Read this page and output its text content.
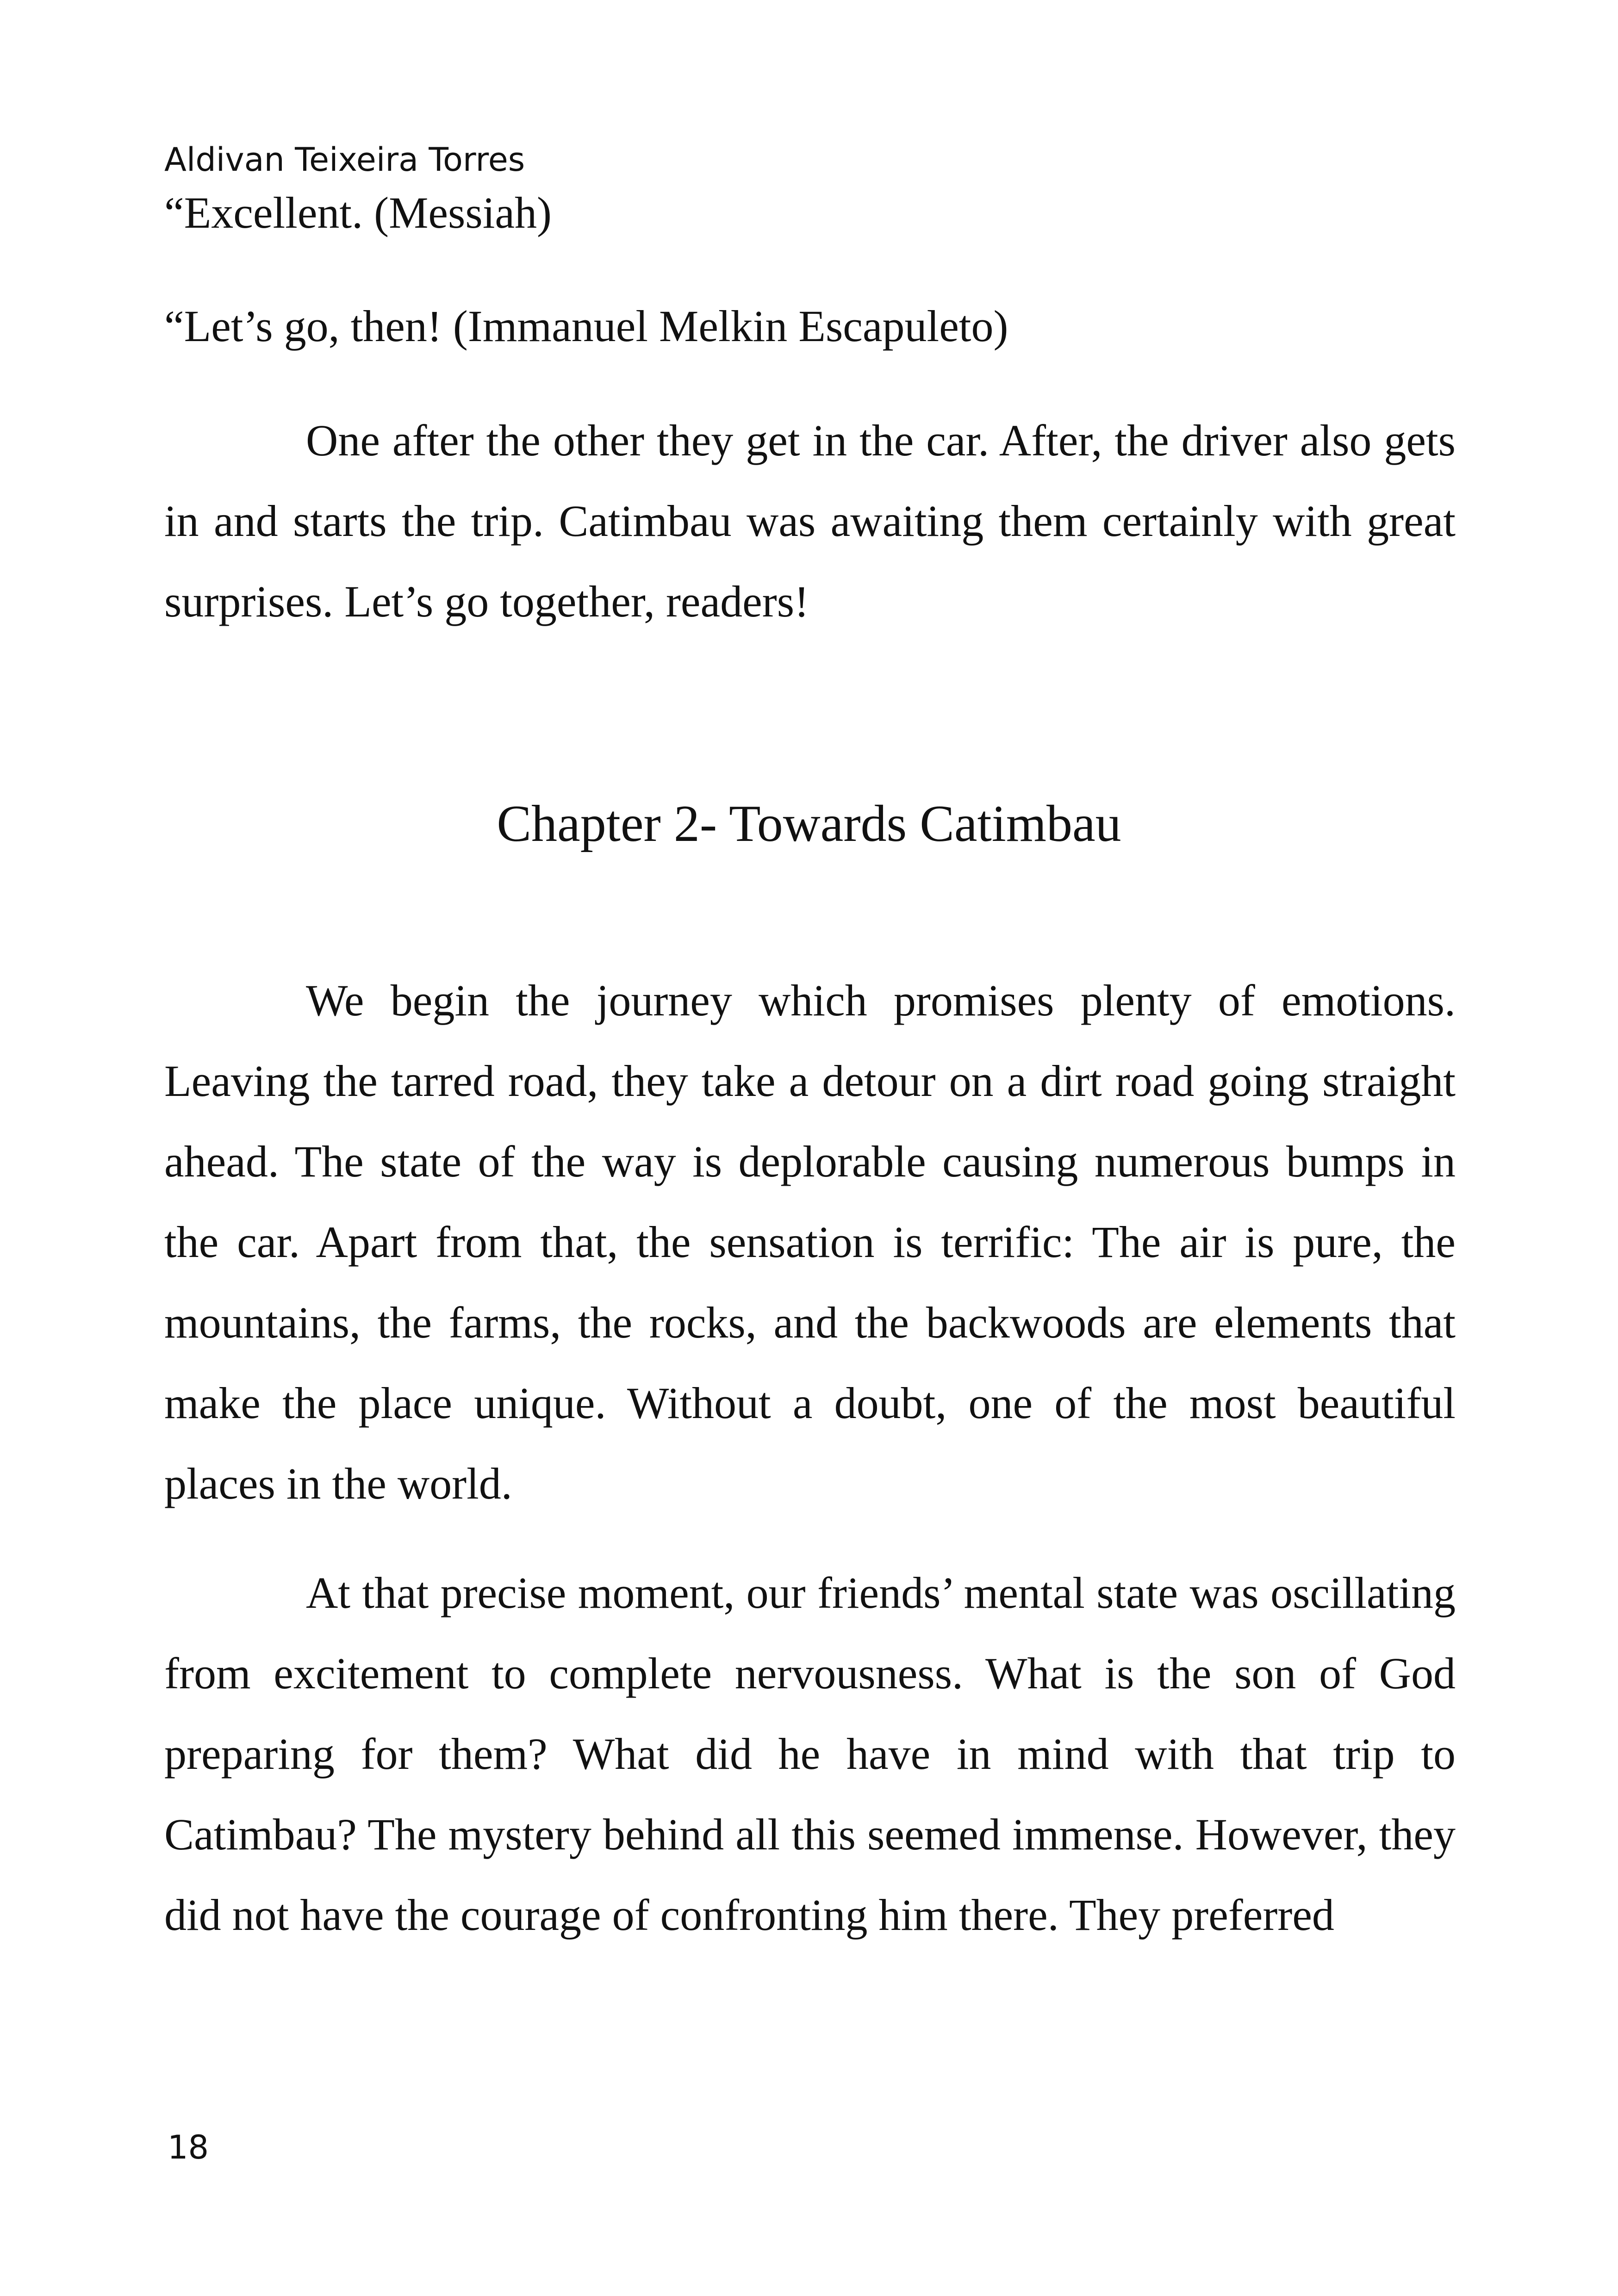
Aldivan Teixeira Torres

“Excellent. (Messiah)

“Let’s go, then! (Immanuel Melkin Escapuleto)

One after the other they get in the car. After, the driver also gets in and starts the trip. Catimbau was awaiting them certainly with great surprises. Let’s go together, readers!

Chapter 2- Towards Catimbau

We begin the journey which promises plenty of emotions. Leaving the tarred road, they take a detour on a dirt road going straight ahead. The state of the way is deplorable causing numerous bumps in the car. Apart from that, the sensation is terrific: The air is pure, the mountains, the farms, the rocks, and the backwoods are elements that make the place unique. Without a doubt, one of the most beautiful places in the world.

At that precise moment, our friends’ mental state was oscillating from excitement to complete nervousness. What is the son of God preparing for them? What did he have in mind with that trip to Catimbau? The mystery behind all this seemed immense. However, they did not have the courage of confronting him there. They preferred

18
